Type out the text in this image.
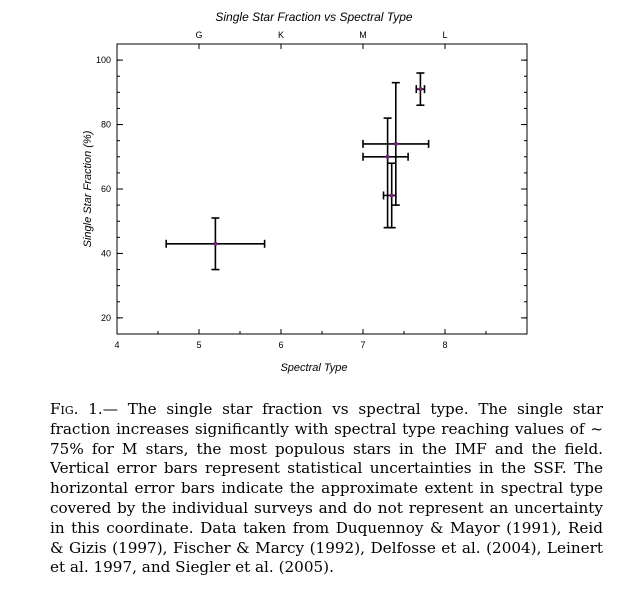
Single Star Fraction vs Spectral Type
4	5	6	7	8
G	K	M	L
20
40
60
80
100
Spectral Type
Single Star Fraction (%)
Fig. 1.— The single star fraction vs spectral type. The single star fraction increases significantly with spectral type reaching values of ~ 75% for M stars, the most populous stars in the IMF and the field. Vertical error bars represent statistical uncertainties in the SSF. The horizontal error bars indicate the approximate extent in spectral type covered by the individual surveys and do not represent an uncertainty in this coordinate. Data taken from Duquennoy & Mayor (1991), Reid & Gizis (1997), Fischer & Marcy (1992), Delfosse et al. (2004), Leinert et al. 1997, and Siegler et al. (2005).
